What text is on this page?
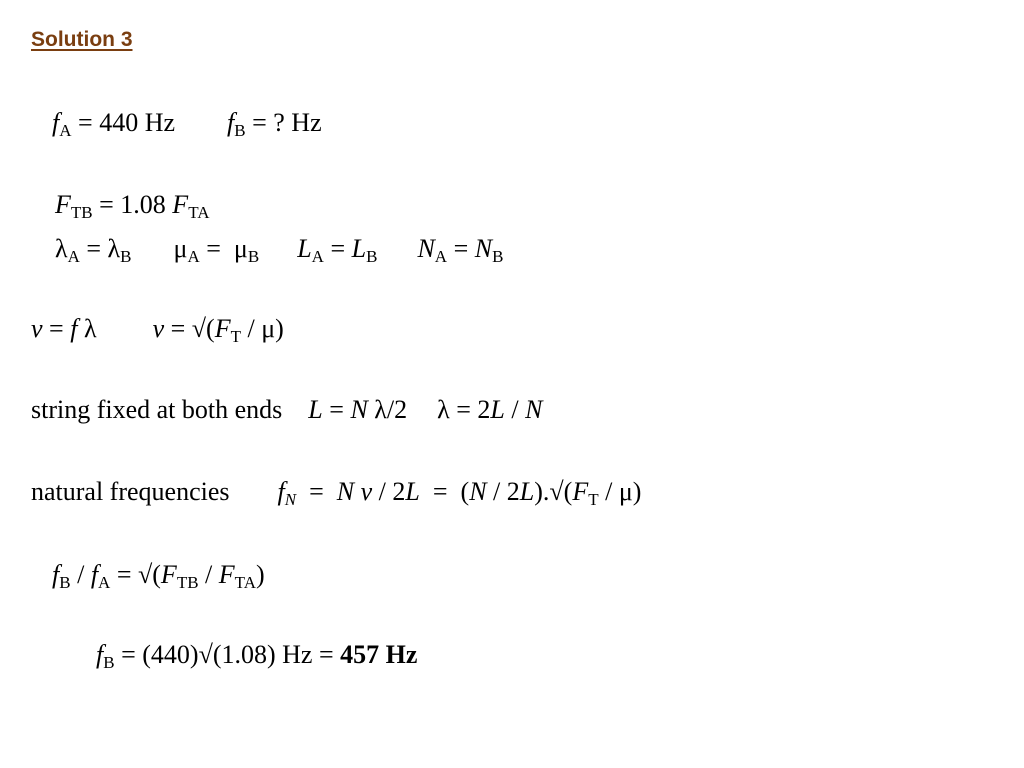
Solution 3
$f_A = 440$ Hz $f_B$ = ? Hz
$F_{TB} = 1.08$ $F_{TA}$
$\lambda_A = \lambda_B$ $\mu_A = \mu_B$ $L_A = L_B$ $N_A = N_B$
v = f λ $v = √(F_T / \mu)$
string fixed at both ends L = N λ/2 λ = 2L / N
natural frequencies $f_N = N$ $v / 2L = (N / 2L).√(F_T / \mu)$
$f_B / f_A = √(F_{TB} / F_{TA})$
$f_B = (440)√(1.08) Hz = 457$ Hz
